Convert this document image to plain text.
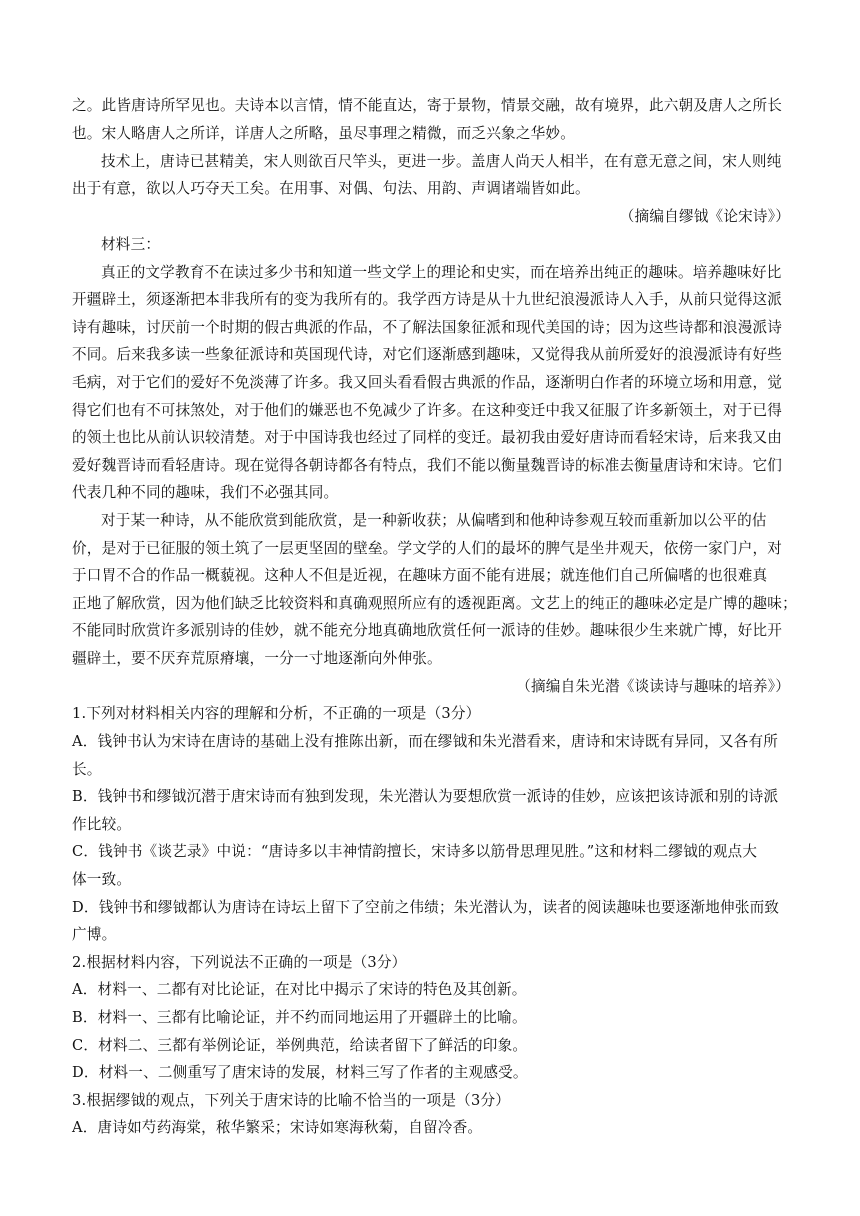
之。此皆唐诗所罕见也。夫诗本以言情，情不能直达，寄于景物，情景交融，故有境界，此六朝及唐人之所长
也。宋人略唐人之所详，详唐人之所略，虽尽事理之精微，而乏兴象之华妙。
技术上，唐诗已甚精美，宋人则欲百尺竿头，更进一步。盖唐人尚天人相半，在有意无意之间，宋人则纯
出于有意，欲以人巧夺天工矣。在用事、对偶、句法、用韵、声调诸端皆如此。
（摘编自缪钺《论宋诗》）
材料三：
真正的文学教育不在读过多少书和知道一些文学上的理论和史实，而在培养出纯正的趣味。培养趣味好比
开疆辟土，须逐渐把本非我所有的变为我所有的。我学西方诗是从十九世纪浪漫派诗人入手，从前只觉得这派
诗有趣味，讨厌前一个时期的假古典派的作品，不了解法国象征派和现代美国的诗；因为这些诗都和浪漫派诗
不同。后来我多读一些象征派诗和英国现代诗，对它们逐渐感到趣味，又觉得我从前所爱好的浪漫派诗有好些
毛病，对于它们的爱好不免淡薄了许多。我又回头看看假古典派的作品，逐渐明白作者的环境立场和用意，觉
得它们也有不可抹煞处，对于他们的嫌恶也不免减少了许多。在这种变迁中我又征服了许多新领土，对于已得
的领土也比从前认识较清楚。对于中国诗我也经过了同样的变迁。最初我由爱好唐诗而看轻宋诗，后来我又由
爱好魏晋诗而看轻唐诗。现在觉得各朝诗都各有特点，我们不能以衡量魏晋诗的标准去衡量唐诗和宋诗。它们
代表几种不同的趣味，我们不必强其同。
对于某一种诗，从不能欣赏到能欣赏，是一种新收获；从偏嗜到和他种诗参观互较而重新加以公平的估
价，是对于已征服的领土筑了一层更坚固的壁垒。学文学的人们的最坏的脾气是坐井观天，依傍一家门户，对
于口胃不合的作品一概藐视。这种人不但是近视，在趣味方面不能有进展；就连他们自己所偏嗜的也很难真
正地了解欣赏，因为他们缺乏比较资料和真确观照所应有的透视距离。文艺上的纯正的趣味必定是广博的趣味；
不能同时欣赏许多派别诗的佳妙，就不能充分地真确地欣赏任何一派诗的佳妙。趣味很少生来就广博，好比开
疆辟土，要不厌弃荒原瘠壤，一分一寸地逐渐向外伸张。
（摘编自朱光潜《谈读诗与趣味的培养》）
1.下列对材料相关内容的理解和分析，不正确的一项是（3分）
A．钱钟书认为宋诗在唐诗的基础上没有推陈出新，而在缪钺和朱光潜看来，唐诗和宋诗既有异同，又各有所
长。
B．钱钟书和缪钺沉潜于唐宋诗而有独到发现，朱光潜认为要想欣赏一派诗的佳妙，应该把该诗派和别的诗派
作比较。
C．钱钟书《谈艺录》中说：“唐诗多以丰神情韵擅长，宋诗多以筋骨思理见胜。”这和材料二缪钺的观点大
体一致。
D．钱钟书和缪钺都认为唐诗在诗坛上留下了空前之伟绩；朱光潜认为，读者的阅读趣味也要逐渐地伸张而致
广博。
2.根据材料内容，下列说法不正确的一项是（3分）
A．材料一、二都有对比论证，在对比中揭示了宋诗的特色及其创新。
B．材料一、三都有比喻论证，并不约而同地运用了开疆辟土的比喻。
C．材料二、三都有举例论证，举例典范，给读者留下了鲜活的印象。
D．材料一、二侧重写了唐宋诗的发展，材料三写了作者的主观感受。
3.根据缪钺的观点，下列关于唐宋诗的比喻不恰当的一项是（3分）
A．唐诗如芍药海棠，秾华繁采；宋诗如寒海秋菊，自留冷香。
